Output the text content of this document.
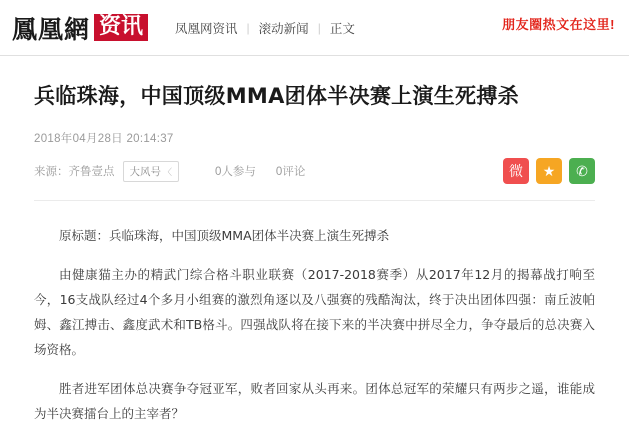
鳳凰網 资讯	凤凰网资讯 | 滚动新闻 | 正文	朋友圈热文在这里!
兵临珠海，中国顶级MMA团体半决赛上演生死搏杀
2018年04月28日 20:14:37
来源：齐鲁壹点 大风号 〈	0人参与 0评论	微	★	✆

原标题：兵临珠海，中国顶级MMA团体半决赛上演生死搏杀

由健康猫主办的精武门综合格斗职业联赛（2017-2018赛季）从2017年12月的揭幕战打响至今，16支战队经过4个多月小组赛的激烈角逐以及八强赛的残酷淘汰，终于决出团体四强：南丘波帕姆、鑫江搏击、鑫度武术和TB格斗。四强战队将在接下来的半决赛中拼尽全力，争夺最后的总决赛入场资格。

胜者进军团体总决赛争夺冠亚军，败者回家从头再来。团体总冠军的荣耀只有两步之遥，谁能成为半决赛擂台上的主宰者？
